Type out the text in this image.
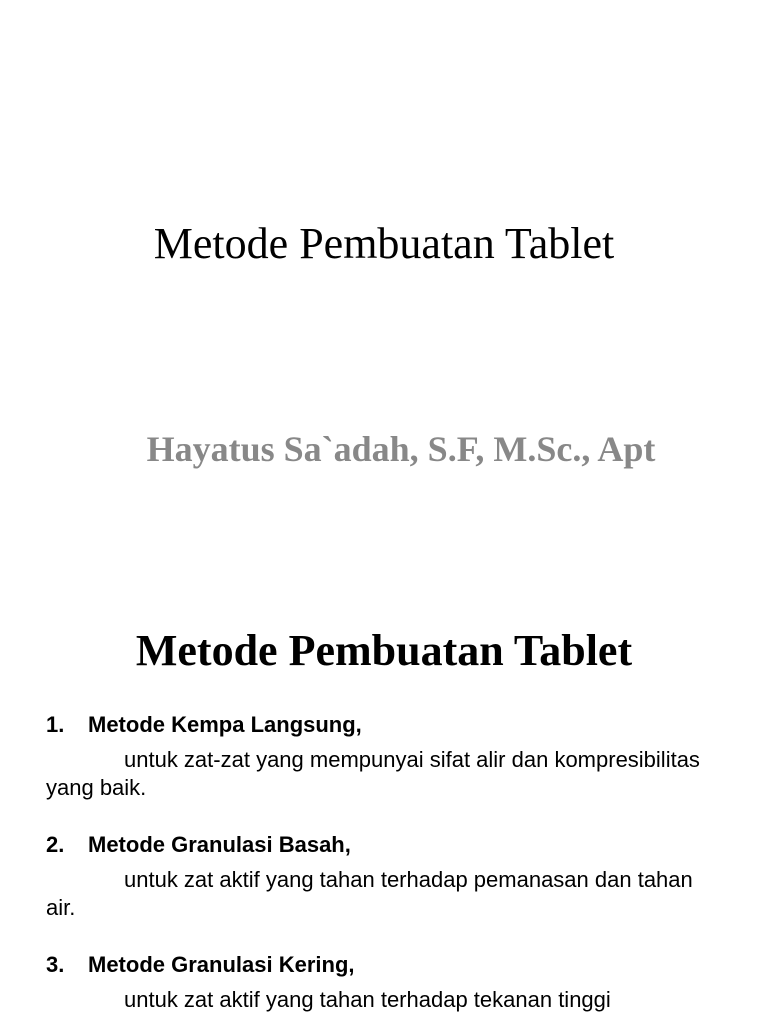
Metode Pembuatan Tablet
Hayatus Sa`adah, S.F, M.Sc., Apt
Metode Pembuatan Tablet
1.	Metode Kempa Langsung,
untuk zat-zat yang mempunyai sifat alir dan kompresibilitas yang baik.
2.	Metode Granulasi Basah,
untuk zat aktif yang tahan terhadap pemanasan dan tahan air.
3.	Metode Granulasi Kering,
untuk zat aktif yang tahan terhadap tekanan tinggi
